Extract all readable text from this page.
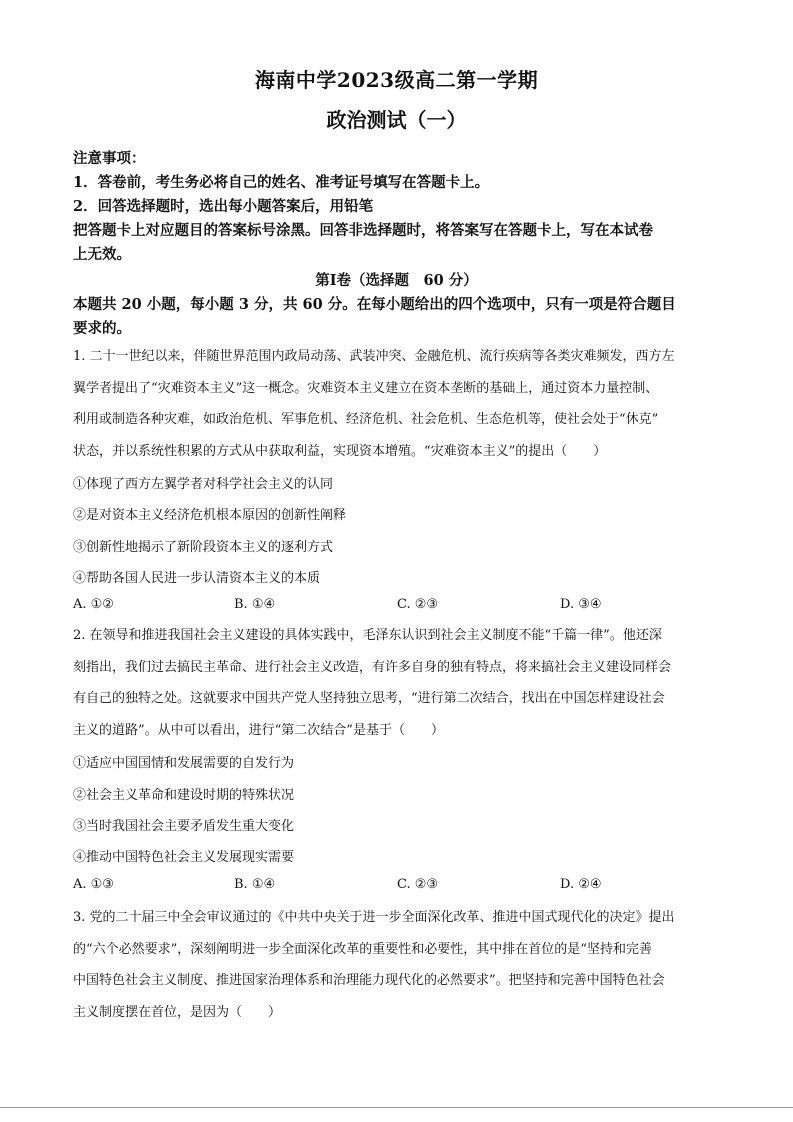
海南中学2023级高二第一学期
政治测试（一）
注意事项：
1．答卷前，考生务必将自己的姓名、准考证号填写在答题卡上。
2．回答选择题时，选出每小题答案后，用铅笔
把答题卡上对应题目的答案标号涂黑。回答非选择题时，将答案写在答题卡上，写在本试卷
上无效。
第Ⅰ卷（选择题　60 分）
本题共 20 小题，每小题 3 分，共 60 分。在每小题给出的四个选项中，只有一项是符合题目
要求的。
1. 二十一世纪以来，伴随世界范围内政局动荡、武装冲突、金融危机、流行疾病等各类灾难频发，西方左
翼学者提出了“灾难资本主义”这一概念。灾难资本主义建立在资本垄断的基础上，通过资本力量控制、
利用或制造各种灾难，如政治危机、军事危机、经济危机、社会危机、生态危机等，使社会处于“休克”
状态，并以系统性积累的方式从中获取利益，实现资本增殖。“灾难资本主义”的提出（　　）
①体现了西方左翼学者对科学社会主义的认同
②是对资本主义经济危机根本原因的创新性阐释
③创新性地揭示了新阶段资本主义的逐利方式
④帮助各国人民进一步认清资本主义的本质
A. ①②	B. ①④	C. ②③	D. ③④
2. 在领导和推进我国社会主义建设的具体实践中，毛泽东认识到社会主义制度不能“千篇一律”。他还深
刻指出，我们过去搞民主革命、进行社会主义改造，有许多自身的独有特点，将来搞社会主义建设同样会
有自己的独特之处。这就要求中国共产党人坚持独立思考，“进行第二次结合，找出在中国怎样建设社会
主义的道路”。从中可以看出，进行“第二次结合”是基于（　　）
①适应中国国情和发展需要的自发行为
②社会主义革命和建设时期的特殊状况
③当时我国社会主要矛盾发生重大变化
④推动中国特色社会主义发展现实需要
A. ①③	B. ①④	C. ②③	D. ②④
3. 党的二十届三中全会审议通过的《中共中央关于进一步全面深化改革、推进中国式现代化的决定》提出
的“六个必然要求”，深刻阐明进一步全面深化改革的重要性和必要性，其中排在首位的是“坚持和完善
中国特色社会主义制度、推进国家治理体系和治理能力现代化的必然要求”。把坚持和完善中国特色社会
主义制度摆在首位，是因为（　　）
